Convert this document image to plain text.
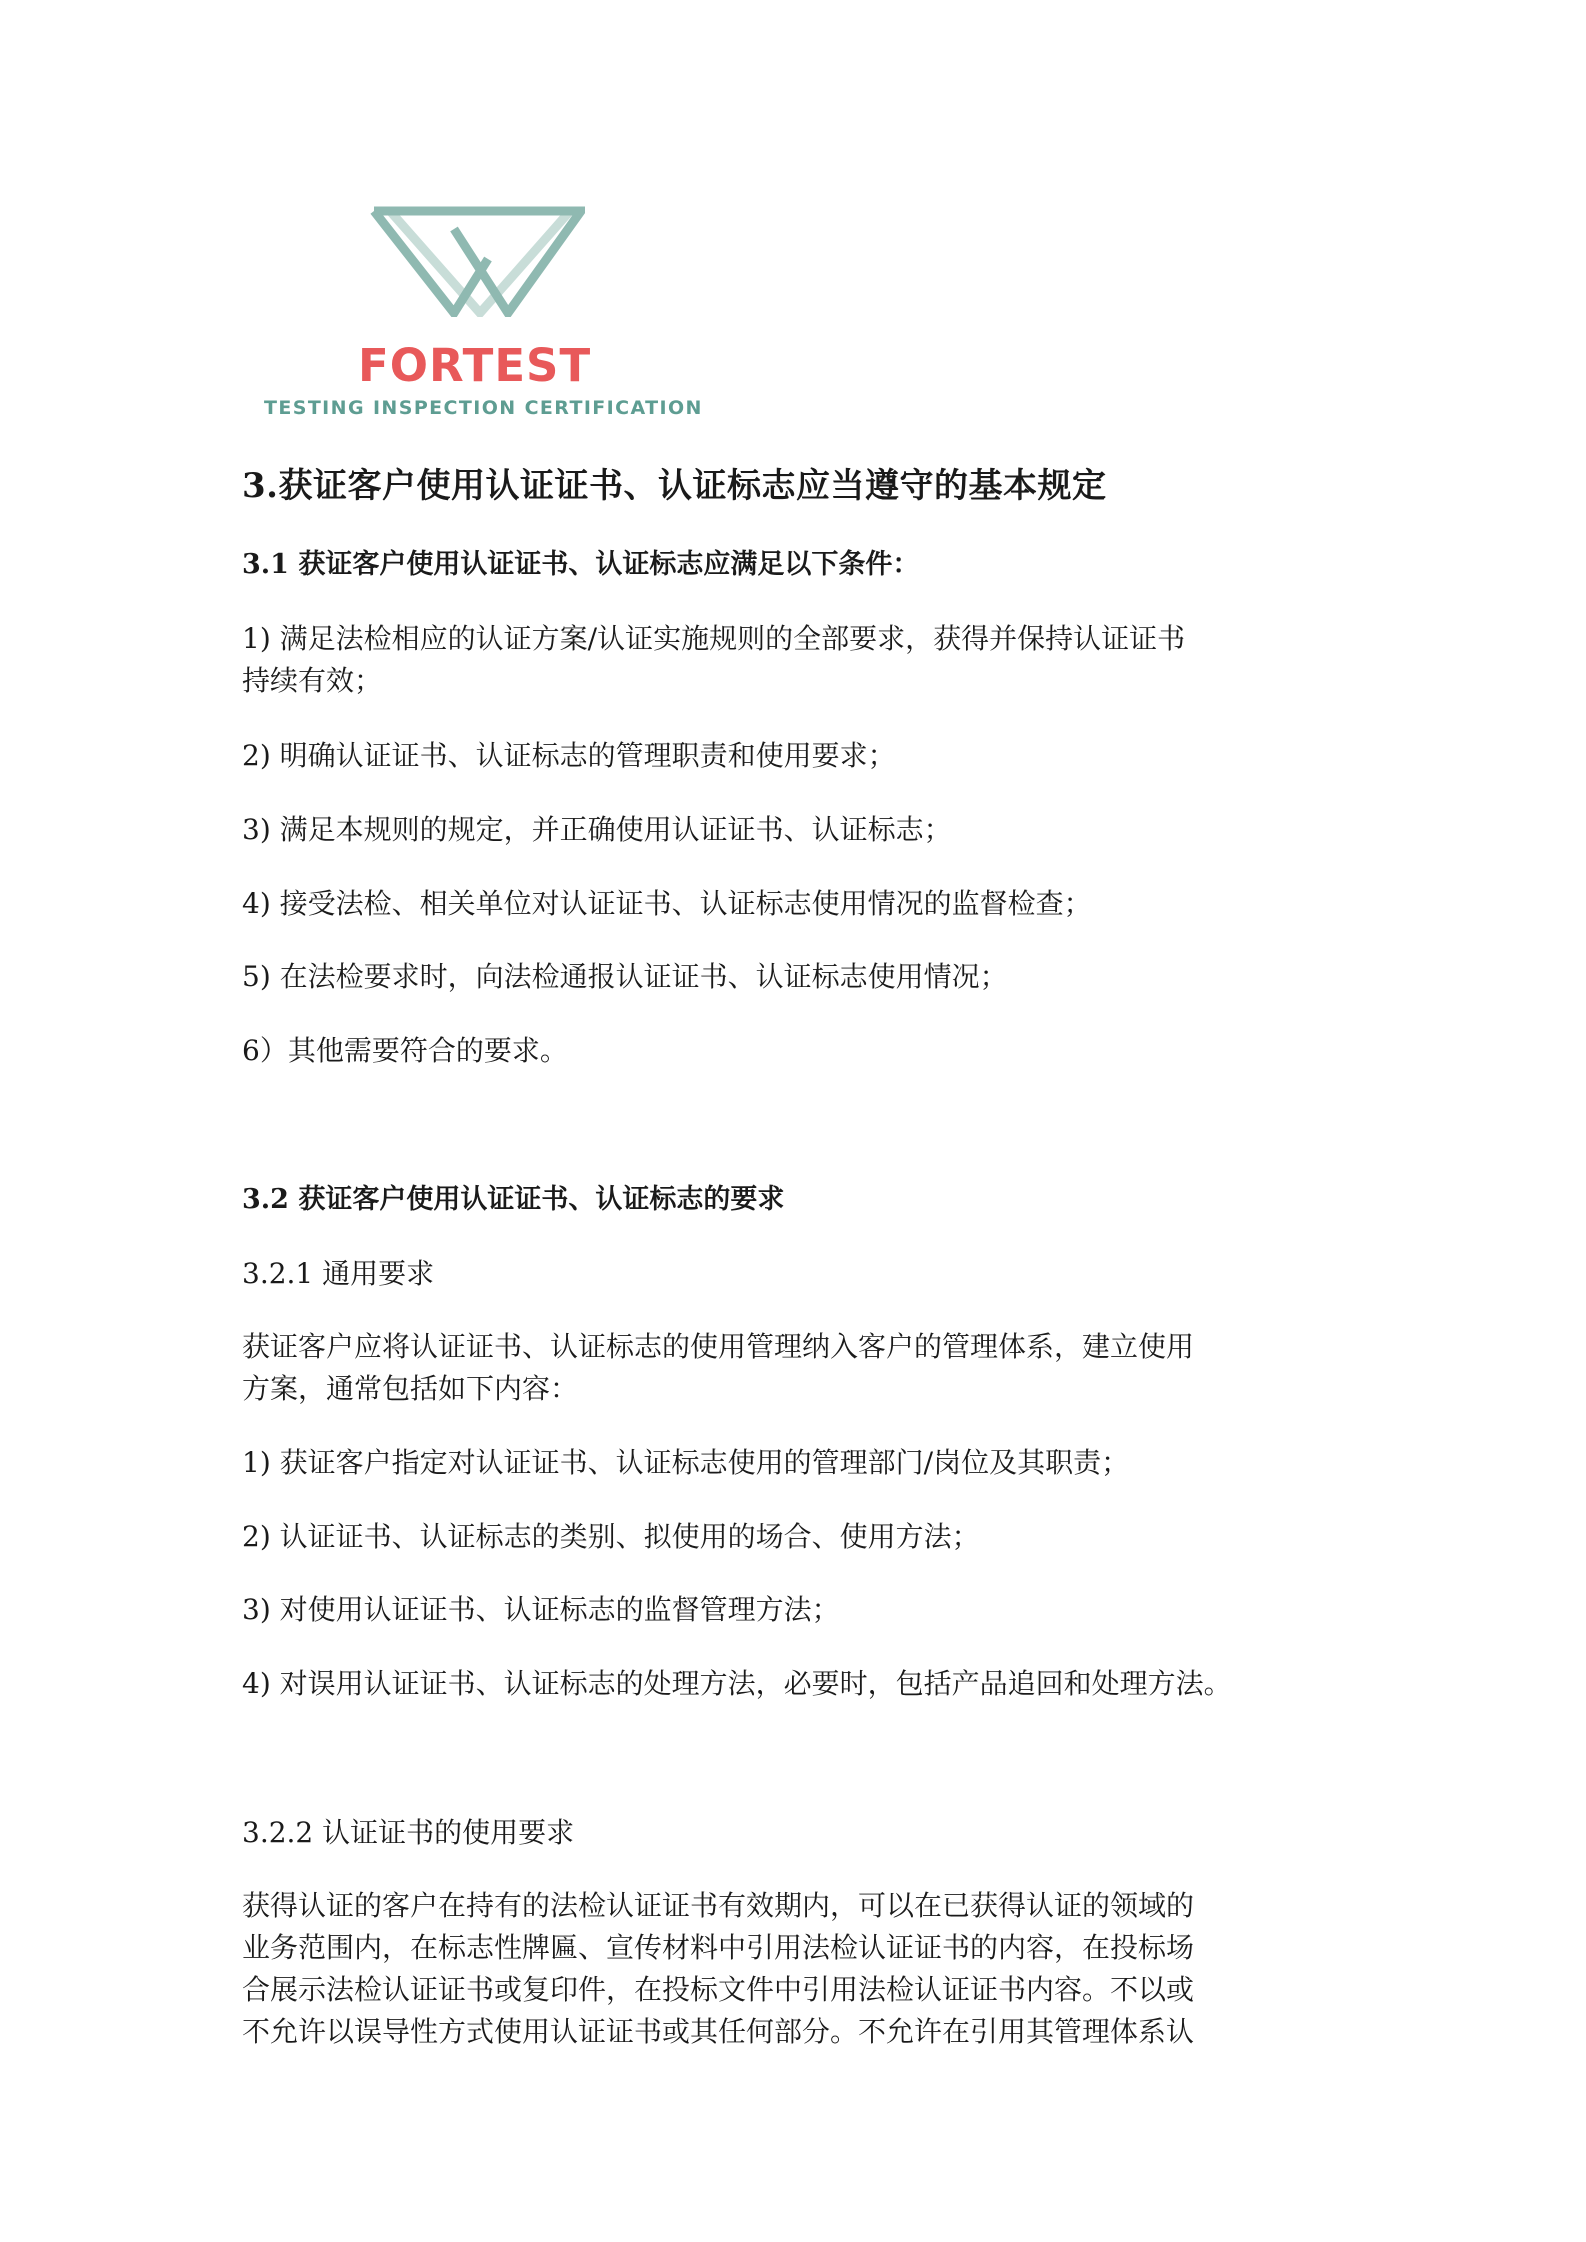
FORTEST
TESTING INSPECTION CERTIFICATION
3.获证客户使用认证证书、认证标志应当遵守的基本规定
3.1 获证客户使用认证证书、认证标志应满足以下条件：
1) 满足法检相应的认证方案/认证实施规则的全部要求，获得并保持认证证书
持续有效；
2) 明确认证证书、认证标志的管理职责和使用要求；
3) 满足本规则的规定，并正确使用认证证书、认证标志；
4) 接受法检、相关单位对认证证书、认证标志使用情况的监督检查；
5) 在法检要求时，向法检通报认证证书、认证标志使用情况；
6）其他需要符合的要求。
3.2 获证客户使用认证证书、认证标志的要求
3.2.1 通用要求
获证客户应将认证证书、认证标志的使用管理纳入客户的管理体系，建立使用
方案，通常包括如下内容：
1) 获证客户指定对认证证书、认证标志使用的管理部门/岗位及其职责；
2) 认证证书、认证标志的类别、拟使用的场合、使用方法；
3) 对使用认证证书、认证标志的监督管理方法；
4) 对误用认证证书、认证标志的处理方法，必要时，包括产品追回和处理方法。
3.2.2 认证证书的使用要求
获得认证的客户在持有的法检认证证书有效期内，可以在已获得认证的领域的
业务范围内，在标志性牌匾、宣传材料中引用法检认证证书的内容，在投标场
合展示法检认证证书或复印件，在投标文件中引用法检认证证书内容。不以或
不允许以误导性方式使用认证证书或其任何部分。不允许在引用其管理体系认
